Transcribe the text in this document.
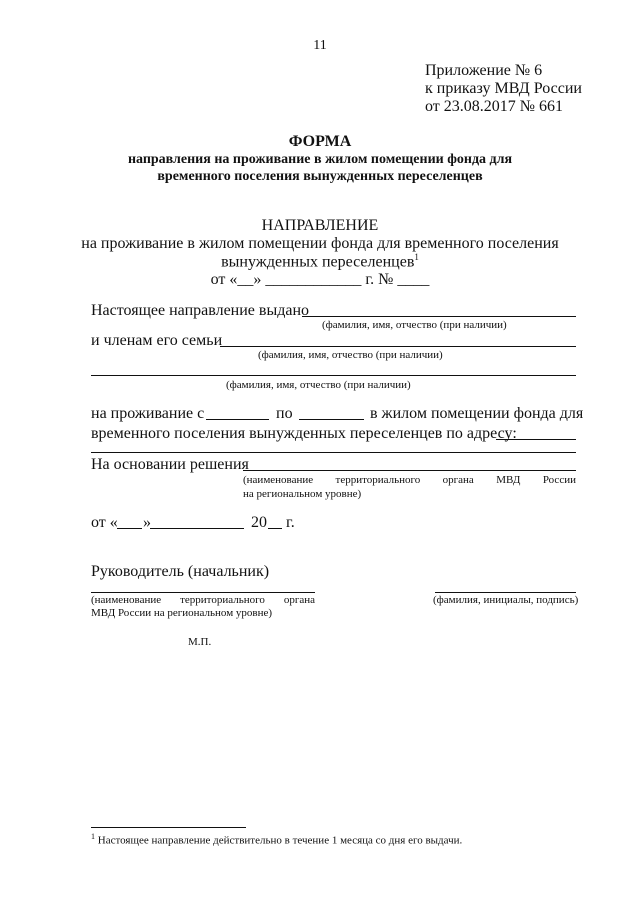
11
Приложение № 6
к приказу МВД России
от 23.08.2017 № 661
ФОРМА
направления на проживание в жилом помещении фонда для
временного поселения вынужденных переселенцев
НАПРАВЛЕНИЕ
на проживание в жилом помещении фонда для временного поселения
вынужденных переселенцев$^1$
от «__» ____________ г. № ____
Настоящее направление выдано
(фамилия, имя, отчество (при наличии)
и членам его семьи
(фамилия, имя, отчество (при наличии)
(фамилия, имя, отчество (при наличии)
на проживание с	по	в жилом помещении фонда для
временного поселения вынужденных переселенцев по адресу:
На основании решения
(наименование территориального органа МВД России
на региональном уровне)
от « »	20 г.
Руководитель (начальник)
(наименование территориального органа
МВД России на региональном уровне)
(фамилия, инициалы, подпись)
М.П.
$^1$ Настоящее направление действительно в течение 1 месяца со дня его выдачи.
